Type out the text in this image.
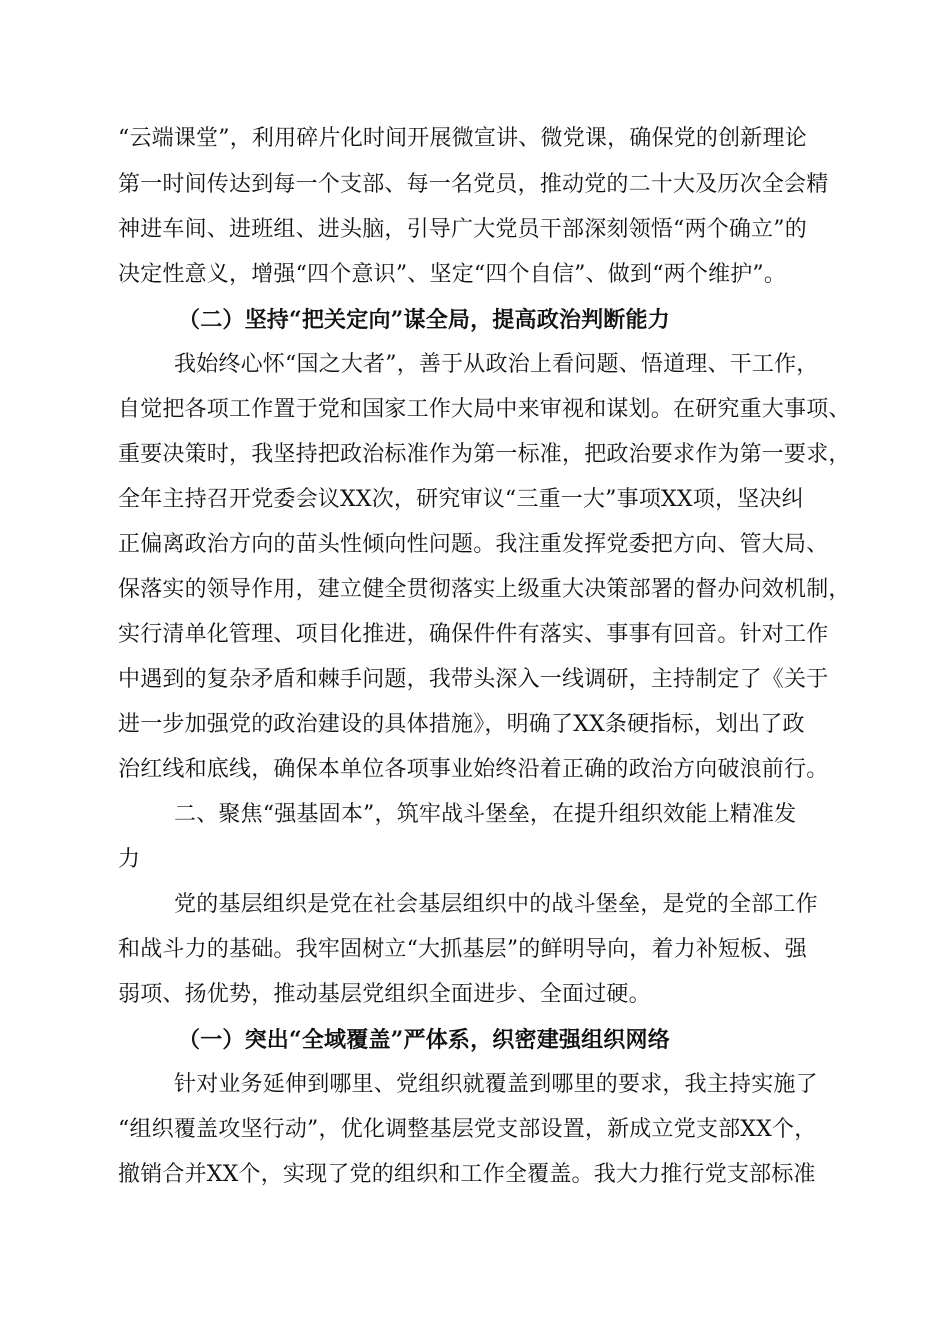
“云端课堂”，利用碎片化时间开展微宣讲、微党课，确保党的创新理论
第一时间传达到每一个支部、每一名党员，推动党的二十大及历次全会精
神进车间、进班组、进头脑，引导广大党员干部深刻领悟“两个确立”的
决定性意义，增强“四个意识”、坚定“四个自信”、做到“两个维护”。
（二）坚持“把关定向”谋全局，提高政治判断能力
我始终心怀“国之大者”，善于从政治上看问题、悟道理、干工作，
自觉把各项工作置于党和国家工作大局中来审视和谋划。在研究重大事项、
重要决策时，我坚持把政治标准作为第一标准，把政治要求作为第一要求，
全年主持召开党委会议XX次，研究审议“三重一大”事项XX项，坚决纠
正偏离政治方向的苗头性倾向性问题。我注重发挥党委把方向、管大局、
保落实的领导作用，建立健全贯彻落实上级重大决策部署的督办问效机制，
实行清单化管理、项目化推进，确保件件有落实、事事有回音。针对工作
中遇到的复杂矛盾和棘手问题，我带头深入一线调研，主持制定了《关于
进一步加强党的政治建设的具体措施》，明确了XX条硬指标，划出了政
治红线和底线，确保本单位各项事业始终沿着正确的政治方向破浪前行。
二、聚焦“强基固本”，筑牢战斗堡垒，在提升组织效能上精准发
力
党的基层组织是党在社会基层组织中的战斗堡垒，是党的全部工作
和战斗力的基础。我牢固树立“大抓基层”的鲜明导向，着力补短板、强
弱项、扬优势，推动基层党组织全面进步、全面过硬。
（一）突出“全域覆盖”严体系，织密建强组织网络
针对业务延伸到哪里、党组织就覆盖到哪里的要求，我主持实施了
“组织覆盖攻坚行动”，优化调整基层党支部设置，新成立党支部XX个，
撤销合并XX个，实现了党的组织和工作全覆盖。我大力推行党支部标准
